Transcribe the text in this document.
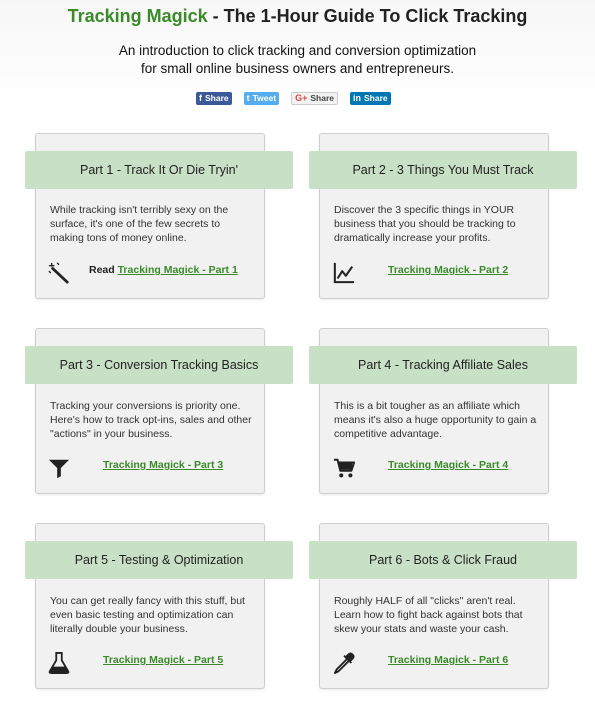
Tracking Magick - The 1-Hour Guide To Click Tracking
An introduction to click tracking and conversion optimization
for small online business owners and entrepreneurs.
f Share t Tweet G+ Share in Share
Part 1 - Track It Or Die Tryin'
While tracking isn't terribly sexy on the surface, it's one of the few secrets to making tons of money online.
Read Tracking Magick - Part 1
Part 2 - 3 Things You Must Track
Discover the 3 specific things in YOUR business that you should be tracking to dramatically increase your profits.
Tracking Magick - Part 2
Part 3 - Conversion Tracking Basics
Tracking your conversions is priority one. Here's how to track opt-ins, sales and other "actions" in your business.
Tracking Magick - Part 3
Part 4 - Tracking Affiliate Sales
This is a bit tougher as an affiliate which means it's also a huge opportunity to gain a competitive advantage.
Tracking Magick - Part 4
Part 5 - Testing & Optimization
You can get really fancy with this stuff, but even basic testing and optimization can literally double your business.
Tracking Magick - Part 5
Part 6 - Bots & Click Fraud
Roughly HALF of all "clicks" aren't real. Learn how to fight back against bots that skew your stats and waste your cash.
Tracking Magick - Part 6
